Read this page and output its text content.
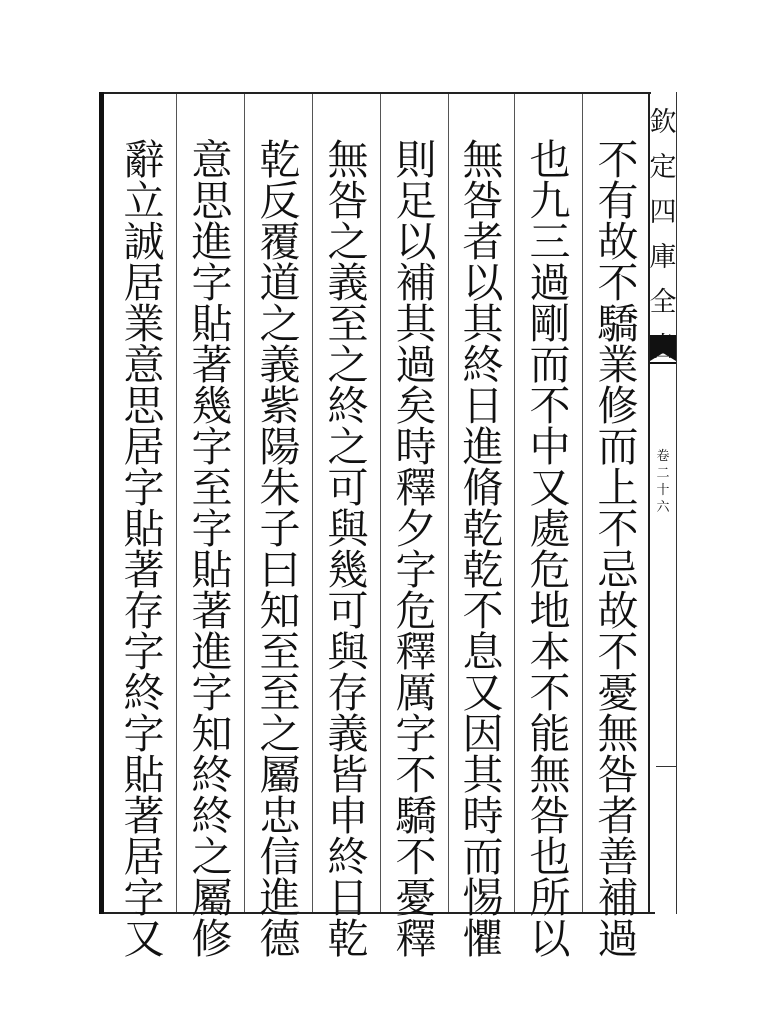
不
有
故
不
驕
業
修
而
上
不
忌
故
不
憂
無
咎
者
善
補
過
也
九
三
過
剛
而
不
中
又
處
危
地
本
不
能
無
咎
也
所
以
無
咎
者
以
其
終
日
進
脩
乾
乾
不
息
又
因
其
時
而
惕
懼
則
足
以
補
其
過
矣
時
釋
夕
字
危
釋
厲
字
不
驕
不
憂
釋
無
咎
之
義
至
之
終
之
可
與
幾
可
與
存
義
皆
申
終
日
乾
乾
反
覆
道
之
義
紫
陽
朱
子
曰
知
至
至
之
屬
忠
信
進
德
意
思
進
字
貼
著
幾
字
至
字
貼
著
進
字
知
終
終
之
屬
修
辭
立
誠
居
業
意
思
居
字
貼
著
存
字
終
字
貼
著
居
字
又
欽
定
四
庫
全
卷
二
十
六
